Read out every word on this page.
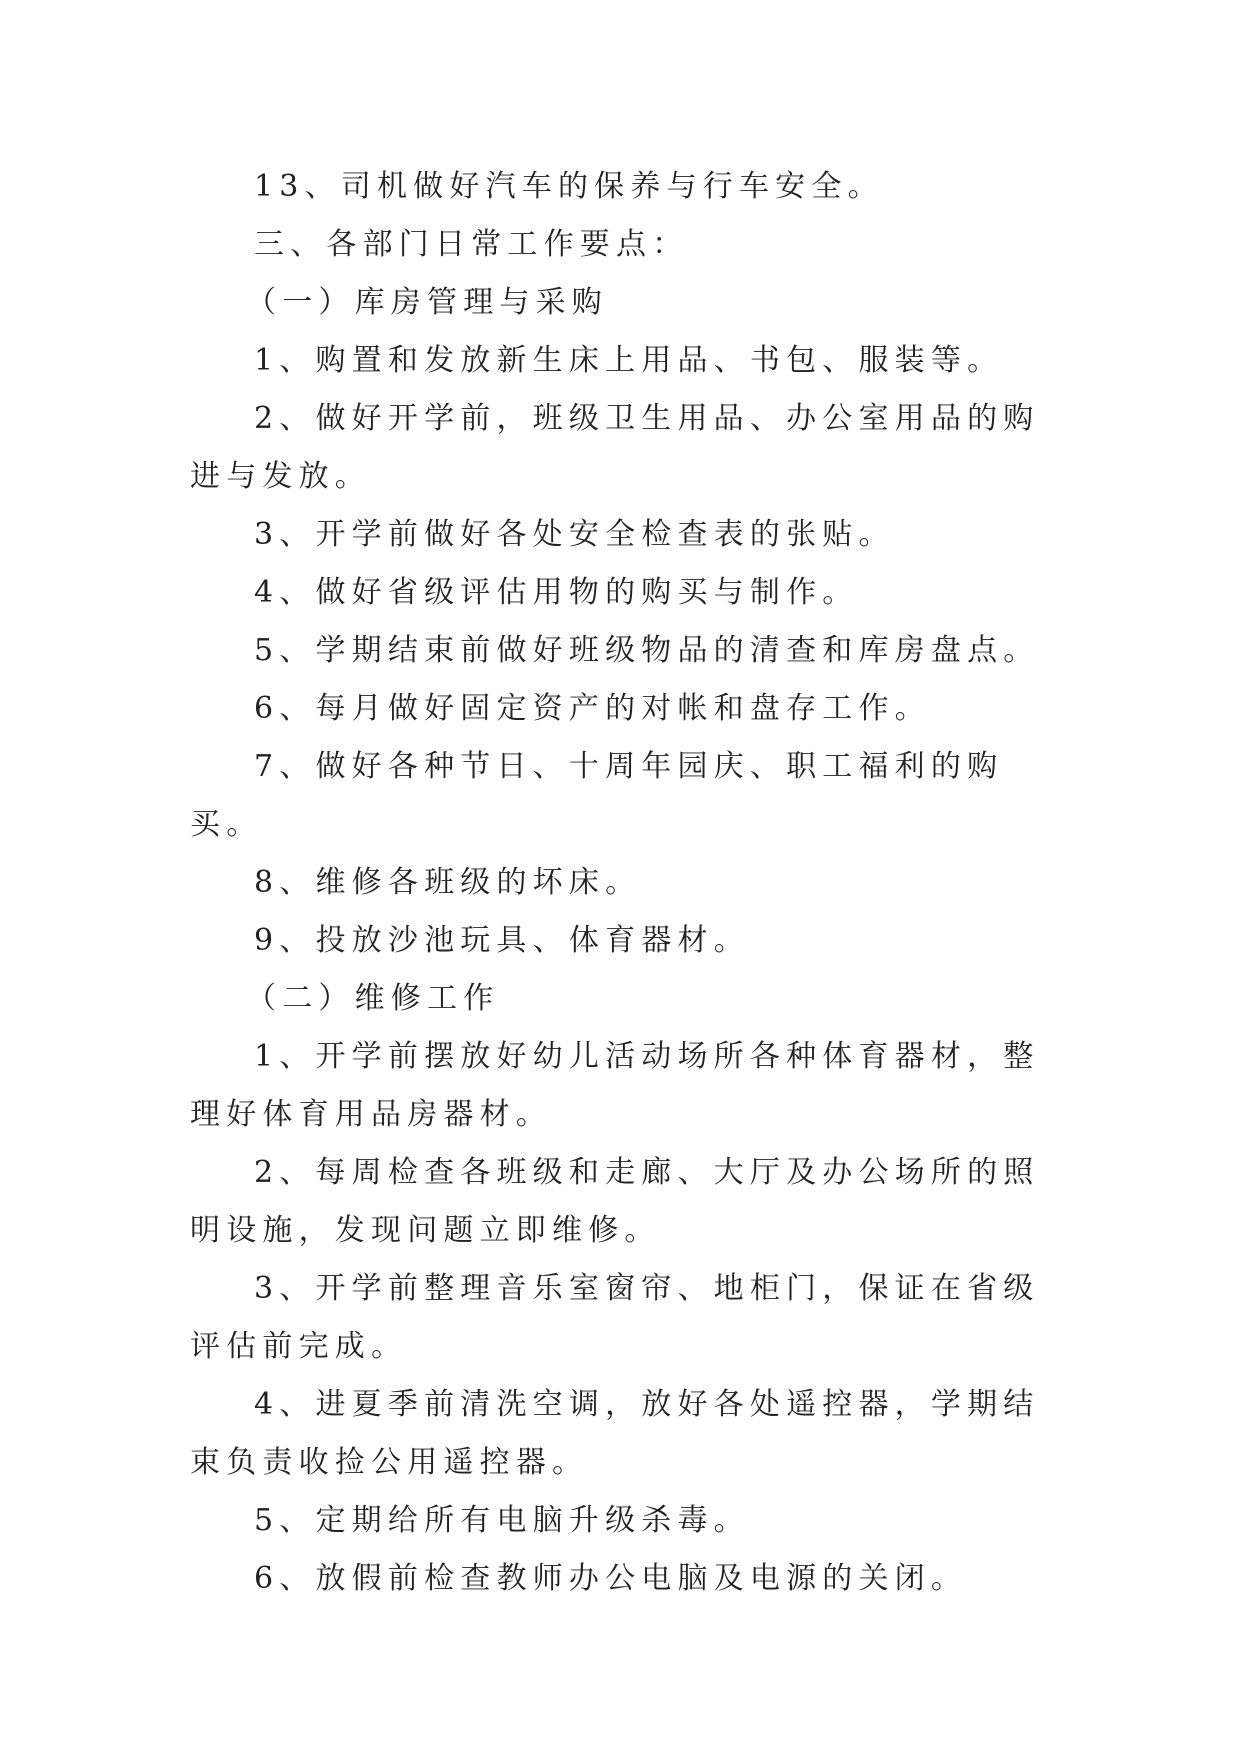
13、司机做好汽车的保养与行车安全。

三、各部门日常工作要点：

（一）库房管理与采购

1、购置和发放新生床上用品、书包、服装等。

2、做好开学前，班级卫生用品、办公室用品的购进与发放。

3、开学前做好各处安全检查表的张贴。

4、做好省级评估用物的购买与制作。

5、学期结束前做好班级物品的清查和库房盘点。

6、每月做好固定资产的对帐和盘存工作。

7、做好各种节日、十周年园庆、职工福利的购买。

8、维修各班级的坏床。

9、投放沙池玩具、体育器材。

（二）维修工作

1、开学前摆放好幼儿活动场所各种体育器材，整理好体育用品房器材。

2、每周检查各班级和走廊、大厅及办公场所的照明设施，发现问题立即维修。

3、开学前整理音乐室窗帘、地柜门，保证在省级评估前完成。

4、进夏季前清洗空调，放好各处遥控器，学期结束负责收捡公用遥控器。

5、定期给所有电脑升级杀毒。

6、放假前检查教师办公电脑及电源的关闭。
